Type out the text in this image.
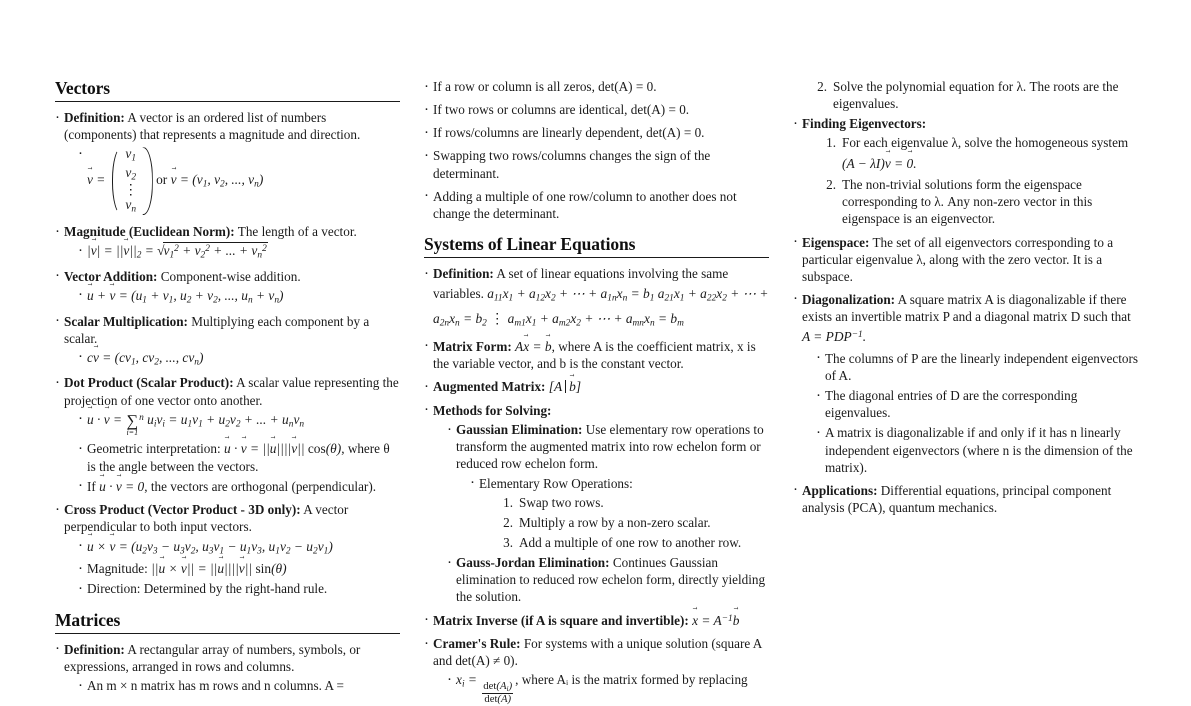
Vectors
· Definition: A vector is an ordered list of numbers (components) that represents a magnitude and direction.
· v → =
$v_1$
$v_2$
⋮
$v_n$
or v → = ($v_1$, $v_2$, ..., $v_n$)
· Magnitude (Euclidean Norm): The length of a vector.
· |v →| = $||v \to||_2 = √v_1^2 + v_2^2$ + ... + $v_n^2$
· Vector Addition: Component-wise addition.
· u → + v → = ($u_1 + v_1$, $u_2 + v_2$, ..., $u_n + v_n$)
· Scalar Multiplication: Multiplying each component by a scalar.
· cv → = ($cv_1$, $cv_2$, ..., $cv_n$)
· Dot Product (Scalar Product): A scalar value representing the projection of one vector onto another.
· u → · v → = ∑
i=1
$^n$ $u_iv_i = u_1v_1 + u_2v_2$ + ... + $u_nv_n$
· Geometric interpretation: u → · v → = ||u →||||v →|| cos(θ), where θ is the angle between the vectors.
· If u → · v → = 0, the vectors are orthogonal (perpendicular).
· Cross Product (Vector Product - 3D only): A vector perpendicular to both input vectors.
· u → × v → = ($u_2v_3 - u_3v_2$, $u_3v_1 - u_1v_3$, $u_1v_2 - u_2v_1$)
· Magnitude: ||u → × v →|| = ||u →||||v →|| sin(θ)
· Direction: Determined by the right-hand rule.
Matrices
· Definition: A rectangular array of numbers, symbols, or expressions, arranged in rows and columns.
· An m × n matrix has m rows and n columns. A =
· If a row or column is all zeros, det(A) = 0.
· If two rows or columns are identical, det(A) = 0.
· If rows/columns are linearly dependent, det(A) = 0.
· Swapping two rows/columns changes the sign of the determinant.
· Adding a multiple of one row/column to another does not change the determinant.
Systems of Linear Equations
· Definition: A set of linear equations involving the same variables. $a_{11}x_1 + a_{12}x_2$ + ⋯ + $a_{1n}x_n = b_1$ $a_{21}x_1 + a_{22}x_2$ + ⋯ + $a_{2n}x_n = b_2$ ⋮ $a_{m1}x_1 + a_{m2}x_2$ + ⋯ + $a_{mn}x_n = b_m$
· Matrix Form: Ax → = b →, where A is the coefficient matrix, x is the variable vector, and b is the constant vector.
· Augmented Matrix: [A b →]
· Methods for Solving:
· Gaussian Elimination: Use elementary row operations to transform the augmented matrix into row echelon form or reduced row echelon form.
· Elementary Row Operations:
Swap two rows.
Multiply a row by a non-zero scalar.
Add a multiple of one row to another row.
· Gauss-Jordan Elimination: Continues Gaussian elimination to reduced row echelon form, directly yielding the solution.
· Matrix Inverse (if A is square and invertible): x → = $A^{-1}b$ →
· Cramer's Rule: For systems with a unique solution (square A and det(A) ≠ 0).
· $x_i$ =
$\frac{\det(A_i)}{\det(A)}$
, where Aᵢ is the matrix formed by replacing
Solve the polynomial equation for λ. The roots are the eigenvalues.
· Finding Eigenvectors:
For each eigenvalue λ, solve the homogeneous system
(A − λI)v → = 0 →.
The non-trivial solutions form the eigenspace corresponding to λ. Any non-zero vector in this eigenspace is an eigenvector.
· Eigenspace: The set of all eigenvectors corresponding to a particular eigenvalue λ, along with the zero vector. It is a subspace.
· Diagonalization: A square matrix A is diagonalizable if there exists an invertible matrix P and a diagonal matrix D such that
$A = PDP^{-1}$.
· The columns of P are the linearly independent eigenvectors of A.
· The diagonal entries of D are the corresponding eigenvalues.
· A matrix is diagonalizable if and only if it has n linearly independent eigenvectors (where n is the dimension of the matrix).
· Applications: Differential equations, principal component analysis (PCA), quantum mechanics.
